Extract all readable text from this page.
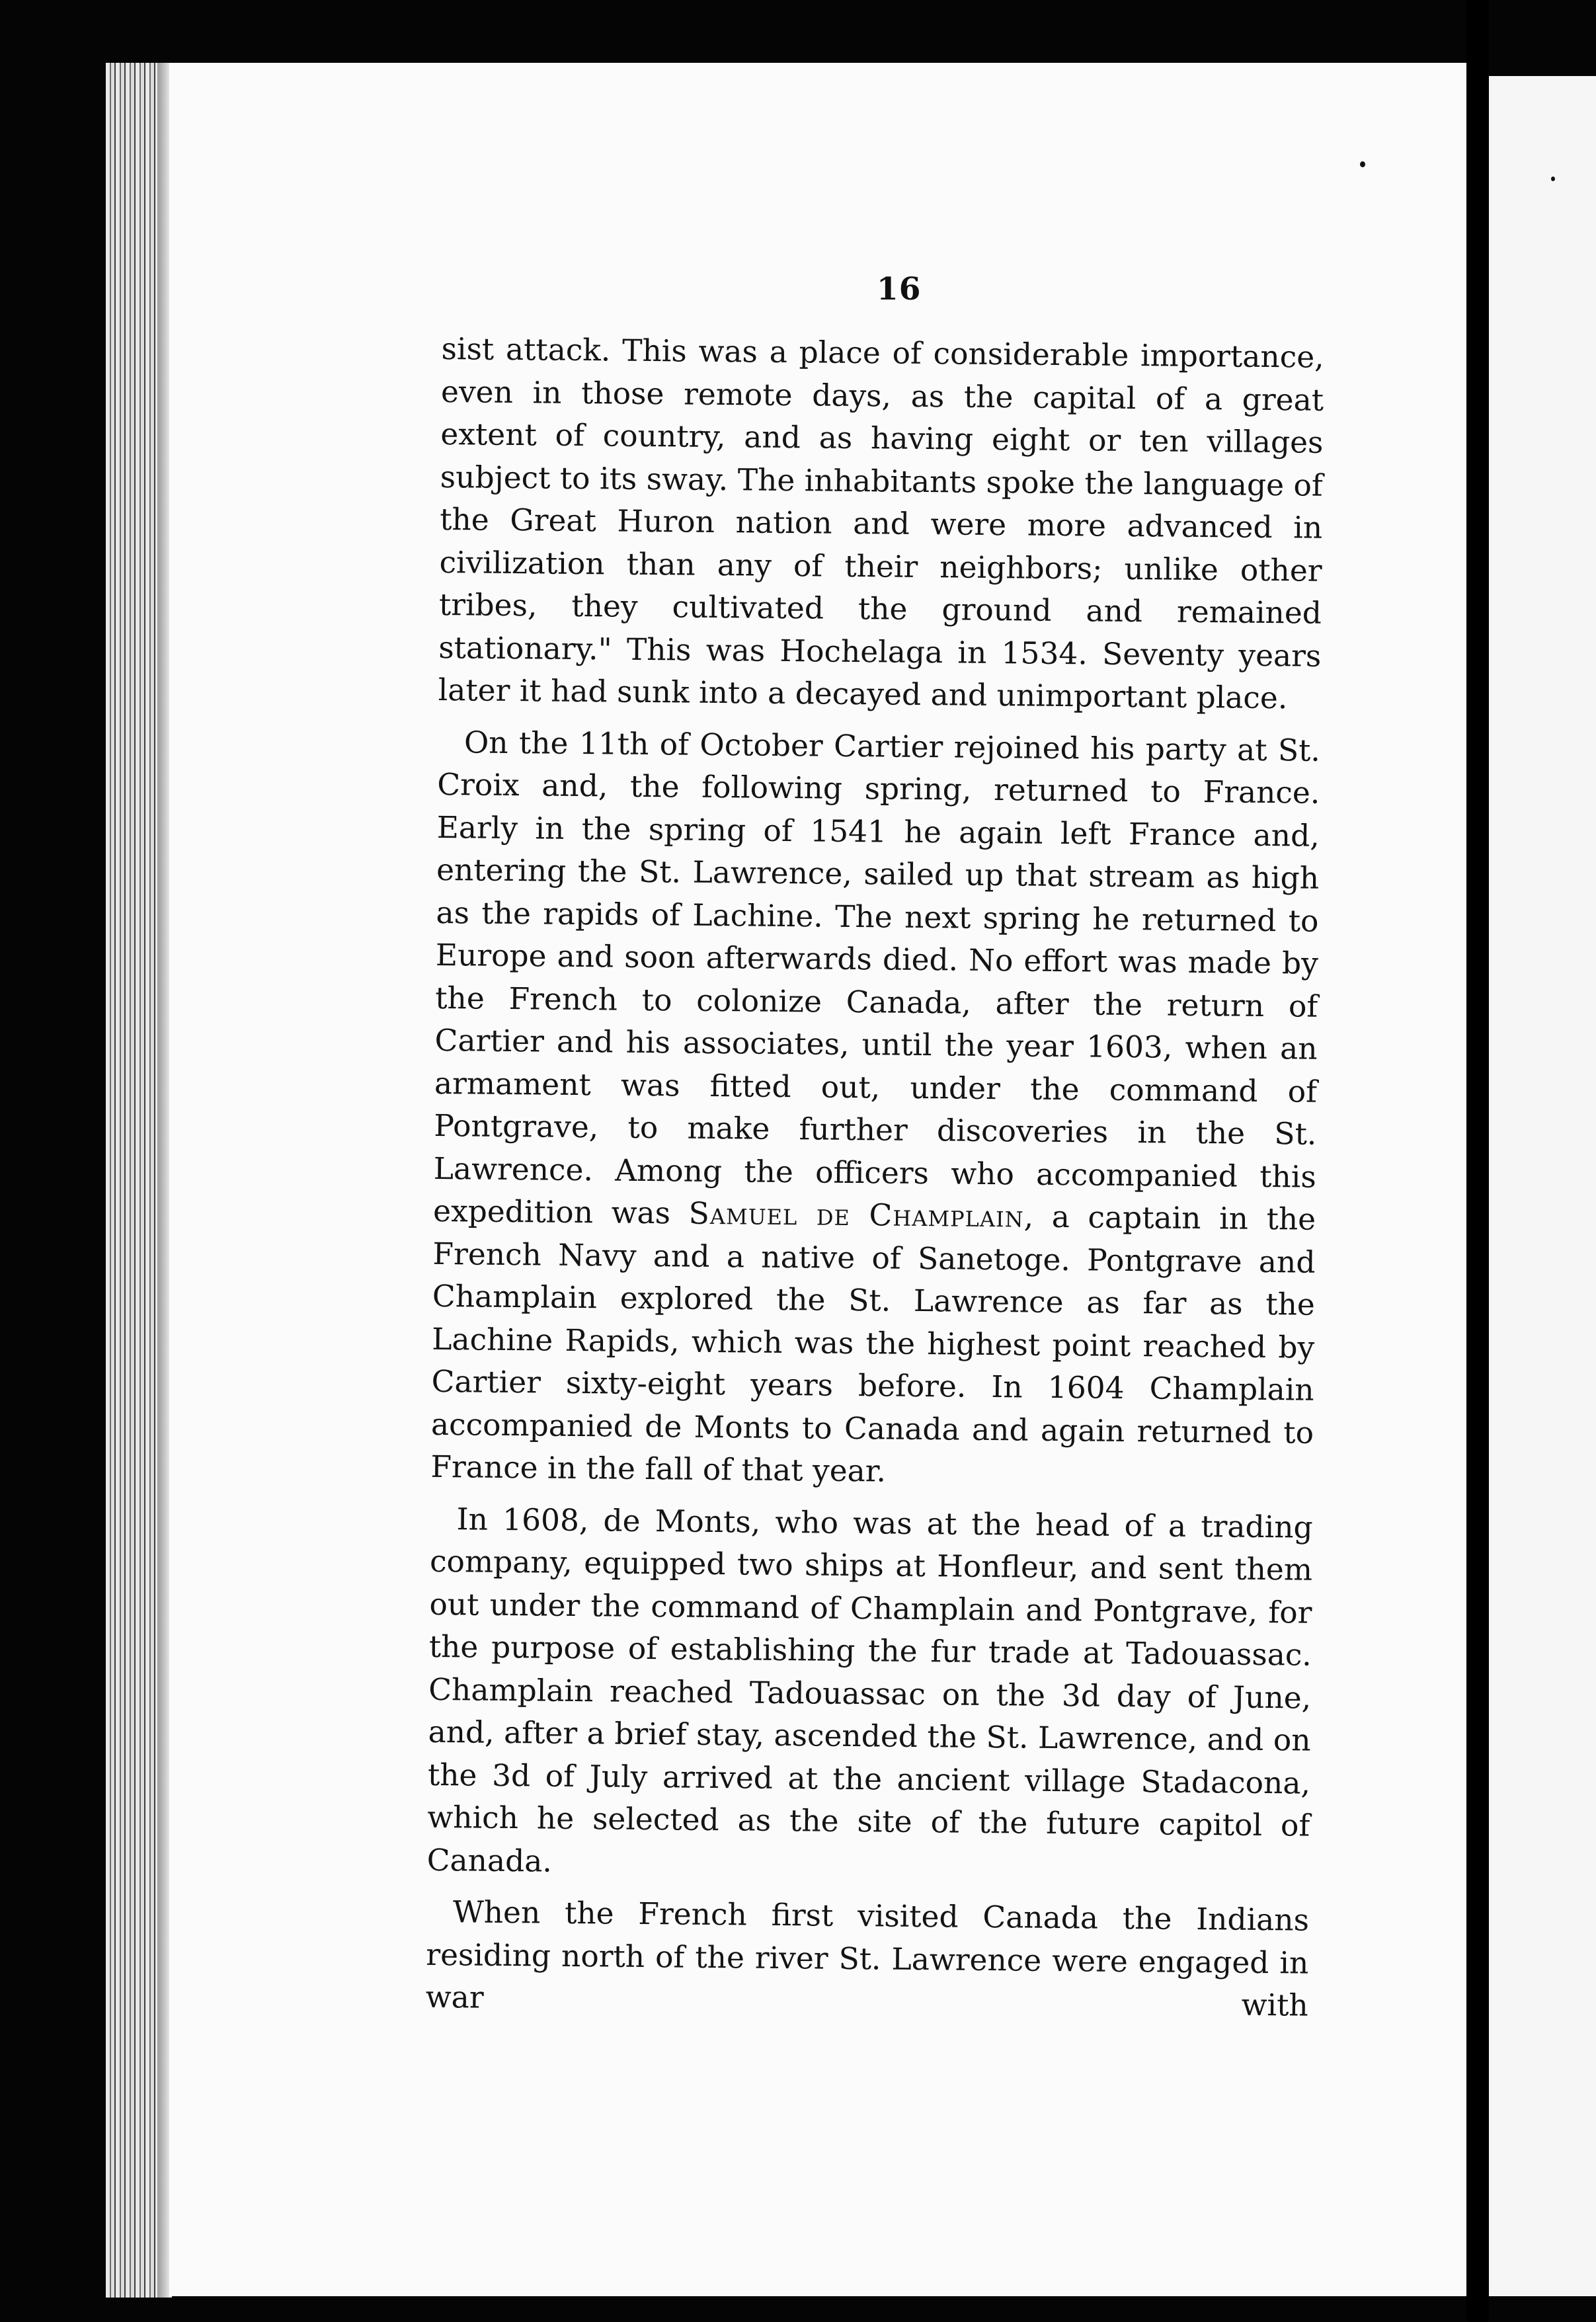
16

sist attack. This was a place of considerable importance, even in those remote days, as the capital of a great extent of country, and as having eight or ten villages subject to its sway. The inhabitants spoke the language of the Great Huron nation and were more advanced in civilization than any of their neighbors; unlike other tribes, they cultivated the ground and remained stationary." This was Hochelaga in 1534. Seventy years later it had sunk into a decayed and unimportant place.

On the 11th of October Cartier rejoined his party at St. Croix and, the following spring, returned to France. Early in the spring of 1541 he again left France and, entering the St. Lawrence, sailed up that stream as high as the rapids of Lachine. The next spring he returned to Europe and soon afterwards died. No effort was made by the French to colonize Canada, after the return of Cartier and his associates, until the year 1603, when an armament was fitted out, under the command of Pontgrave, to make further discoveries in the St. Lawrence. Among the officers who accompanied this expedition was Samuel de Champlain, a captain in the French Navy and a native of Sanetoge. Pontgrave and Champlain explored the St. Lawrence as far as the Lachine Rapids, which was the highest point reached by Cartier sixty-eight years before. In 1604 Champlain accompanied de Monts to Canada and again returned to France in the fall of that year.

In 1608, de Monts, who was at the head of a trading company, equipped two ships at Honfleur, and sent them out under the command of Champlain and Pontgrave, for the purpose of establishing the fur trade at Tadouassac. Champlain reached Tadouassac on the 3d day of June, and, after a brief stay, ascended the St. Lawrence, and on the 3d of July arrived at the ancient village Stadacona, which he selected as the site of the future capitol of Canada.

When the French first visited Canada the Indians residing north of the river St. Lawrence were engaged in war with
